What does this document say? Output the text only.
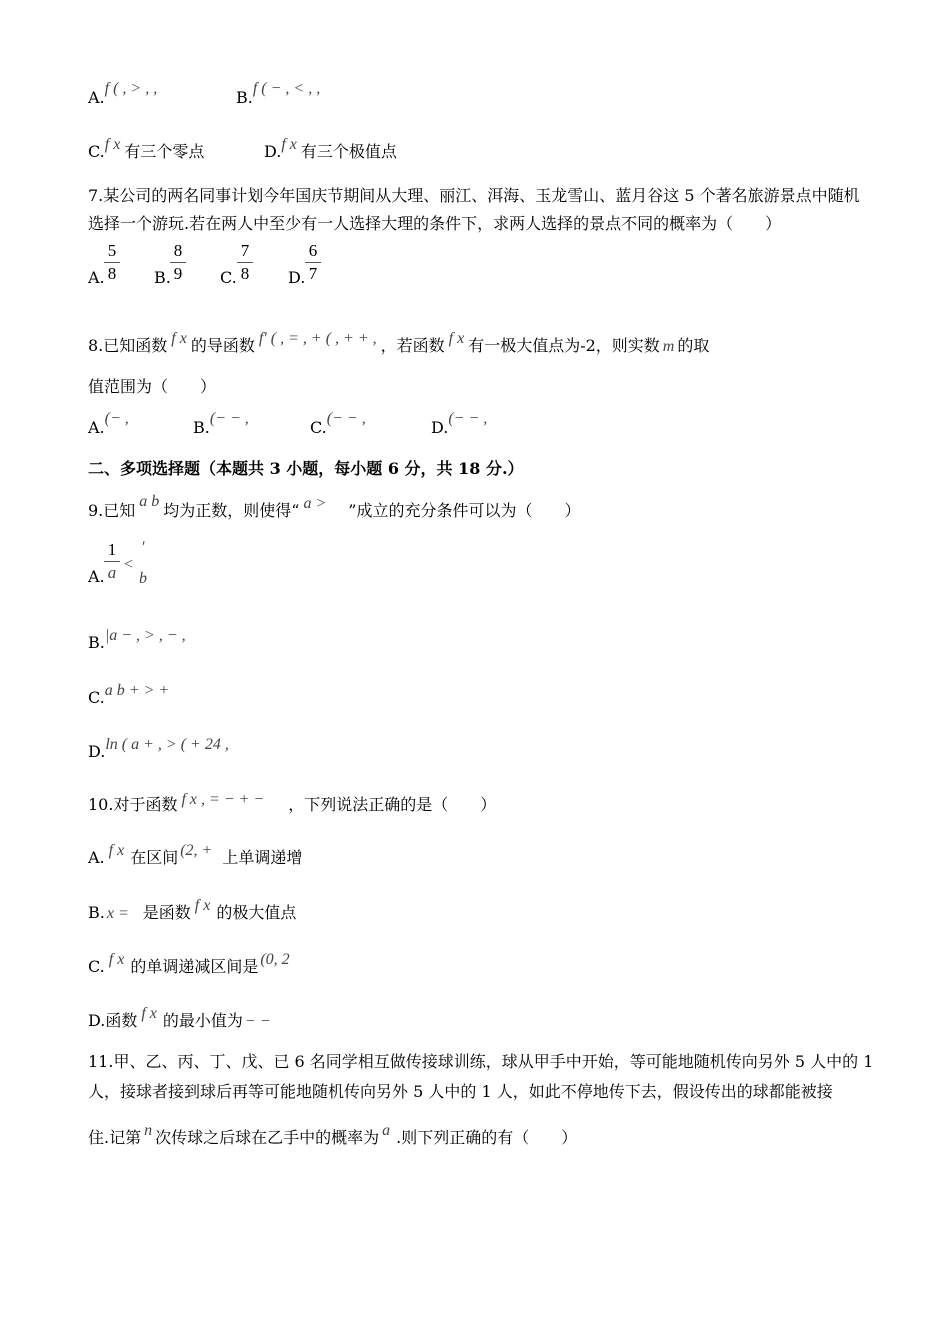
A.f ( , > , ,	B.f ( − , < , ,
C.f x 有三个零点	D.f x 有三个极值点
7.某公司的两名同事计划今年国庆节期间从大理、丽江、洱海、玉龙雪山、蓝月谷这 5 个著名旅游景点中随机
选择一个游玩.若在两人中至少有一人选择大理的条件下，求两人选择的景点不同的概率为（　　）
A.
5
8 B.
8
9 C.
7
8 D.
6
7
8.已知函数 f x 的导函数 f′ ( , = , + ( , + + , ，若函数 f x 有一极大值点为-2，则实数 m 的取
值范围为（　　）
A.(− ,	B.(− − ,	C.(− − ,	D.(− − ,
二、多项选择题（本题共 3 小题，每小题 6 分，共 18 分.）
9.已知 a b 均为正数，则使得“ a > ”成立的充分条件可以为（　　）
A.
1
a <
'
b
B.|a − , > , − ,
C.a b + > +
D.ln ( a + , > ( + 24 ,
10.对于函数 f x , = − + − ，下列说法正确的是（　　）
A. f x 在区间 (2, + 上单调递增
B. x = 是函数 f x 的极大值点
C. f x 的单调递减区间是 (0, 2
D.函数 f x 的最小值为 − −
11.甲、乙、丙、丁、戊、已 6 名同学相互做传接球训练，球从甲手中开始，等可能地随机传向另外 5 人中的 1
人，接球者接到球后再等可能地随机传向另外 5 人中的 1 人，如此不停地传下去，假设传出的球都能被接
住.记第 n 次传球之后球在乙手中的概率为 a .则下列正确的有（　　）
